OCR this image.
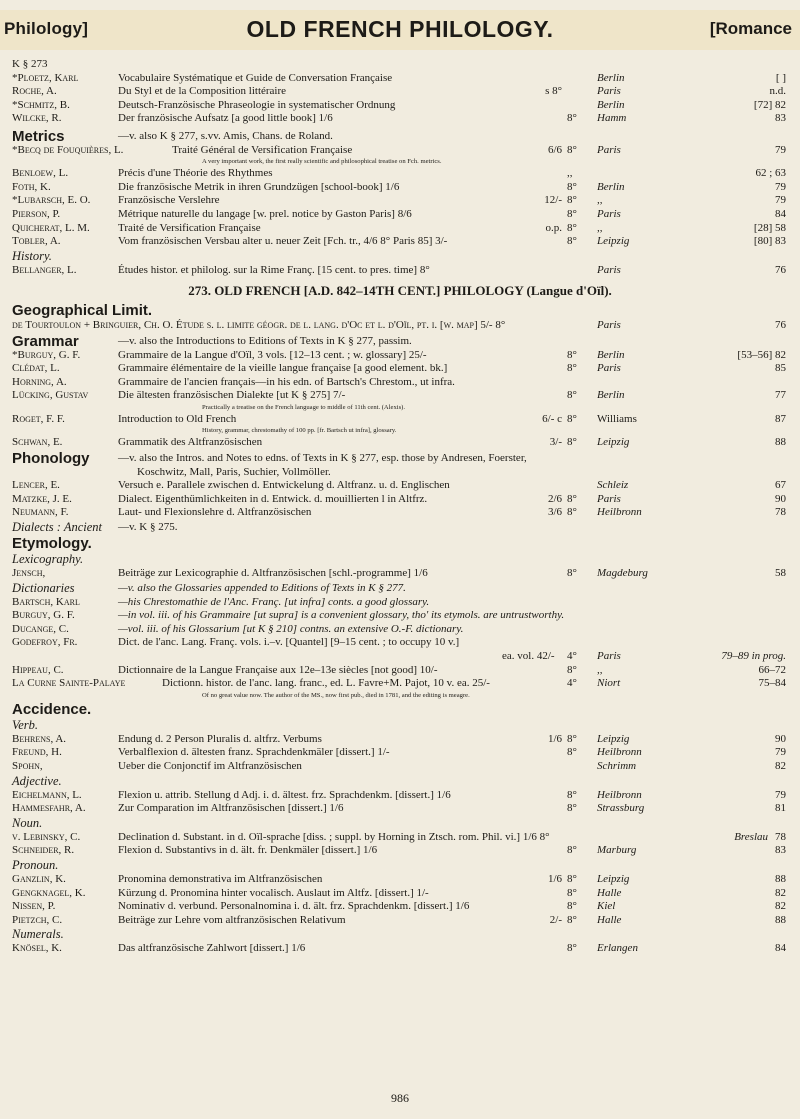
Philology]	OLD FRENCH PHILOLOGY.	[Romance
K § 273
*Ploetz, Karl	Vocabulaire Systématique et Guide de Conversation Française	Berlin	[ ]
Roche, A.	Du Styl et de la Composition littéraire	s 8°	Paris	n.d.
*Schmitz, B.	Deutsch-Französische Phraseologie in systematischer Ordnung	Berlin	[72] 82
Wilcke, R.	Der französische Aufsatz [a good little book] 1/6	8° Hamm	83
Metrics	—v. also K § 277, s.vv. Amis, Chans. de Roland.
*Becq de Fouquières, L.	Traité Général de Versification Française	6/6 8° Paris	79
A very important work, the first really scientific and philosophical treatise on Fch. metrics.
Benloew, L.	Précis d'une Théorie des Rhythmes	,,	62 ; 63
Foth, K.	Die französische Metrik in ihren Grundzügen [school-book] 1/6	8° Berlin	79
*Lubarsch, E. O.	Französische Verslehre	12/- 8° ,,	79
Pierson, P.	Métrique naturelle du langage [w. prel. notice by Gaston Paris] 8/6	8° Paris	84
Quicherat, L. M.	Traité de Versification Française	o.p. 8° ,,	[28] 58
Tobler, A.	Vom französischen Versbau alter u. neuer Zeit [Fch. tr., 4/6 8° Paris 85] 3/-	8° Leipzig	[80] 83
History.
Bellanger, L.	Études histor. et philolog. sur la Rime Franç. [15 cent. to pres. time] 8°	Paris	76
273. OLD FRENCH [A.D. 842–14TH CENT.] PHILOLOGY (Langue d'Oïl).
Geographical Limit.
de Tourtoulon + Bringuier, Ch. O. Étude s. l. limite géogr. de l. lang. d'Oc et l. d'Oïl, pt. i. [w. map] 5/- 8°	Paris	76
Grammar	—v. also the Introductions to Editions of Texts in K § 277, passim.
*Burguy, G. F.	Grammaire de la Langue d'Oïl, 3 vols. [12–13 cent. ; w. glossary] 25/-	8° Berlin	[53–56] 82
Clédat, L.	Grammaire élémentaire de la vieille langue française [a good element. bk.]	8° Paris	85
Horning, A.	Grammaire de l'ancien français—in his edn. of Bartsch's Chrestom., ut infra.
Lücking, Gustav	Die ältesten französischen Dialekte [ut K § 275] 7/-	8° Berlin	77
Practically a treatise on the French language to middle of 11th cent. (Alexis).
Roget, F. F.	Introduction to Old French	6/- c 8° Williams	87
History, grammar, chrestomathy of 100 pp. [fr. Bartsch ut infra], glossary.
Schwan, E.	Grammatik des Altfranzösischen	3/- 8° Leipzig	88
Phonology	—v. also the Intros. and Notes to edns. of Texts in K § 277, esp. those by Andresen, Foerster,
Koschwitz, Mall, Paris, Suchier, Vollmöller.
Lencer, E.	Versuch e. Parallele zwischen d. Entwickelung d. Altfranz. u. d. Englischen	Schleiz	67
Matzke, J. E.	Dialect. Eigenthümlichkeiten in d. Entwick. d. mouillierten l in Altfrz.	2/6 8° Paris	90
Neumann, F.	Laut- und Flexionslehre d. Altfranzösischen	3/6 8° Heilbronn	78
Dialects : Ancient —v. K § 275.
Etymology.
Lexicography.
Jensch,	Beiträge zur Lexicographie d. Altfranzösischen [schl.-programme] 1/6	8° Magdeburg	58
Dictionaries	—v. also the Glossaries appended to Editions of Texts in K § 277.
Bartsch, Karl	—his Chrestomathie de l'Anc. Franç. [ut infra] conts. a good glossary.
Burguy, G. F.	—in vol. iii. of his Grammaire [ut supra] is a convenient glossary, tho' its etymols. are untrustworthy.
Ducange, C.	—vol. iii. of his Glossarium [ut K § 210] contns. an extensive O.-F. dictionary.
Godefroy, Fr.	Dict. de l'anc. Lang. Franç. vols. i.–v. [Quantel] [9–15 cent. ; to occupy 10 v.]
ea. vol. 42/- 4° Paris	79–89 in prog.
Hippeau, C.	Dictionnaire de la Langue Française aux 12e–13e siècles [not good] 10/-	8° ,,	66–72
La Curne Sainte-Palaye	Dictionn. histor. de l'anc. lang. franc., ed. L. Favre+M. Pajot, 10 v. ea. 25/-	4° Niort	75–84
Of no great value now. The author of the MS., now first pub., died in 1781, and the editing is meagre.
Accidence.
Verb.
Behrens, A.	Endung d. 2 Person Pluralis d. altfrz. Verbums	1/6 8° Leipzig	90
Freund, H.	Verbalflexion d. ältesten franz. Sprachdenkmäler [dissert.] 1/-	8° Heilbronn	79
Spohn,	Ueber die Conjonctif im Altfranzösischen	Schrimm	82
Adjective.
Eichelmann, L.	Flexion u. attrib. Stellung d Adj. i. d. ältest. frz. Sprachdenkm. [dissert.] 1/6	8° Heilbronn	79
Hammesfahr, A.	Zur Comparation im Altfranzösischen [dissert.] 1/6	8° Strassburg	81
Noun.
v. Lebinsky, C.	Declination d. Substant. in d. Oïl-sprache [diss. ; suppl. by Horning in Ztsch. rom. Phil. vi.] 1/6 8°	Breslau 78
Schneider, R.	Flexion d. Substantivs in d. ält. fr. Denkmäler [dissert.] 1/6	8° Marburg	83
Pronoun.
Ganzlin, K.	Pronomina demonstrativa im Altfranzösischen	1/6 8° Leipzig	88
Gengknagel, K.	Kürzung d. Pronomina hinter vocalisch. Auslaut im Altfz. [dissert.] 1/-	8° Halle	82
Nissen, P.	Nominativ d. verbund. Personalnomina i. d. ält. frz. Sprachdenkm. [dissert.] 1/6	8° Kiel	82
Pietzch, C.	Beiträge zur Lehre vom altfranzösischen Relativum	2/- 8° Halle	88
Numerals.
Knösel, K.	Das altfranzösische Zahlwort [dissert.] 1/6	8° Erlangen	84
986
